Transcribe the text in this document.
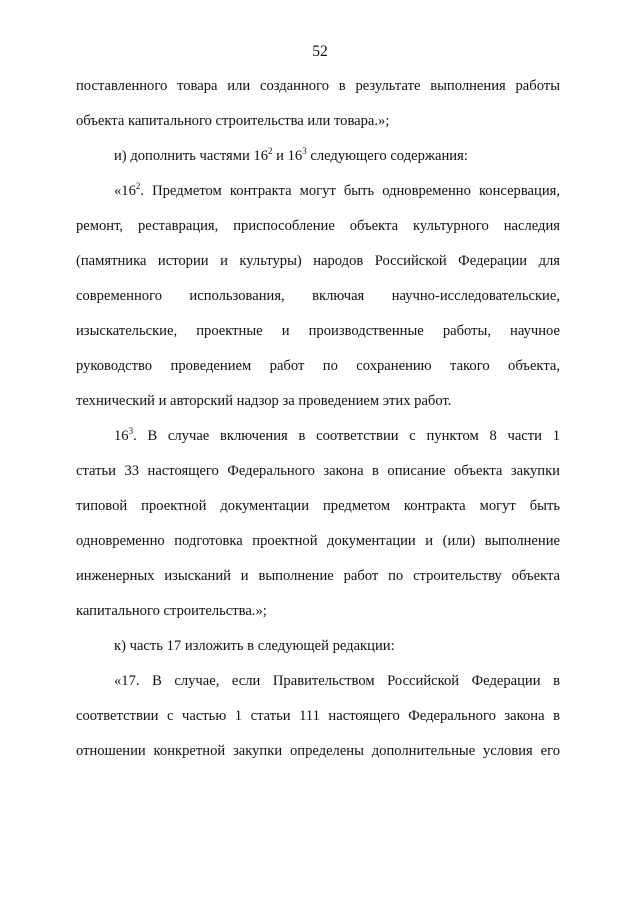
52
поставленного товара или созданного в результате выполнения работы
объекта капитального строительства или товара.»;
и) дополнить частями $16^2$ и $16^3$ следующего содержания:
«$16^2$. Предметом контракта могут быть одновременно консервация,
ремонт, реставрация, приспособление объекта культурного наследия
(памятника истории и культуры) народов Российской Федерации для
современного использования, включая научно-исследовательские,
изыскательские, проектные и производственные работы, научное
руководство проведением работ по сохранению такого объекта,
технический и авторский надзор за проведением этих работ.
$16^3$. В случае включения в соответствии с пунктом 8 части 1
статьи 33 настоящего Федерального закона в описание объекта закупки
типовой проектной документации предметом контракта могут быть
одновременно подготовка проектной документации и (или) выполнение
инженерных изысканий и выполнение работ по строительству объекта
капитального строительства.»;
к) часть 17 изложить в следующей редакции:
«17. В случае, если Правительством Российской Федерации в
соответствии с частью 1 статьи 111 настоящего Федерального закона в
отношении конкретной закупки определены дополнительные условия его
